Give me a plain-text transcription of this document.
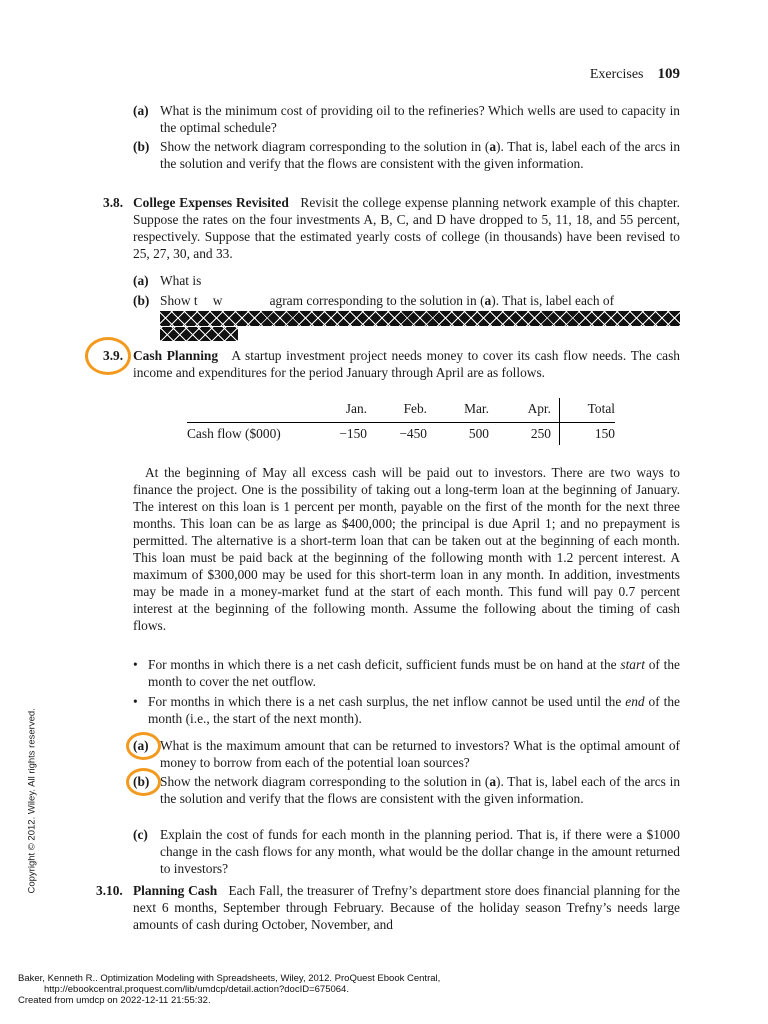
Exercises 109
(a) What is the minimum cost of providing oil to the refineries? Which wells are used to capacity in the optimal schedule?

(b) Show the network diagram corresponding to the solution in (a). That is, label each of the arcs in the solution and verify that the flows are consistent with the given information.

3.8. College Expenses Revisited Revisit the college expense planning network example of this chapter. Suppose the rates on the four investments A, B, C, and D have dropped to 5, 11, 18, and 55 percent, respectively. Suppose that the estimated yearly costs of college (in thousands) have been revised to 25, 27, 30, and 33.

(a) What is

(b) Show t w	agram corresponding to the solution in (a). That is, label each of

3.9. Cash Planning A startup investment project needs money to cover its cash flow needs. The cash income and expenditures for the period January through April are as follows.

	Jan.	Feb.	Mar.	Apr.	Total
Cash flow ($000)	−150	−450	500	250	150

At the beginning of May all excess cash will be paid out to investors. There are two ways to finance the project. One is the possibility of taking out a long-term loan at the beginning of January. The interest on this loan is 1 percent per month, payable on the first of the month for the next three months. This loan can be as large as $400,000; the principal is due April 1; and no prepayment is permitted. The alternative is a short-term loan that can be taken out at the beginning of each month. This loan must be paid back at the beginning of the following month with 1.2 percent interest. A maximum of $300,000 may be used for this short-term loan in any month. In addition, investments may be made in a money-market fund at the start of each month. This fund will pay 0.7 percent interest at the beginning of the following month. Assume the following about the timing of cash flows.

• For months in which there is a net cash deficit, sufficient funds must be on hand at the start of the month to cover the net outflow.

• For months in which there is a net cash surplus, the net inflow cannot be used until the end of the month (i.e., the start of the next month).

(a) What is the maximum amount that can be returned to investors? What is the optimal amount of money to borrow from each of the potential loan sources?

(b) Show the network diagram corresponding to the solution in (a). That is, label each of the arcs in the solution and verify that the flows are consistent with the given information.

(c) Explain the cost of funds for each month in the planning period. That is, if there were a $1000 change in the cash flows for any month, what would be the dollar change in the amount returned to investors?

3.10. Planning Cash Each Fall, the treasurer of Trefny’s department store does financial planning for the next 6 months, September through February. Because of the holiday season Trefny’s needs large amounts of cash during October, November, and

Copyright © 2012. Wiley. All rights reserved.
Baker, Kenneth R.. Optimization Modeling with Spreadsheets, Wiley, 2012. ProQuest Ebook Central,
http://ebookcentral.proquest.com/lib/umdcp/detail.action?docID=675064.
Created from umdcp on 2022-12-11 21:55:32.
